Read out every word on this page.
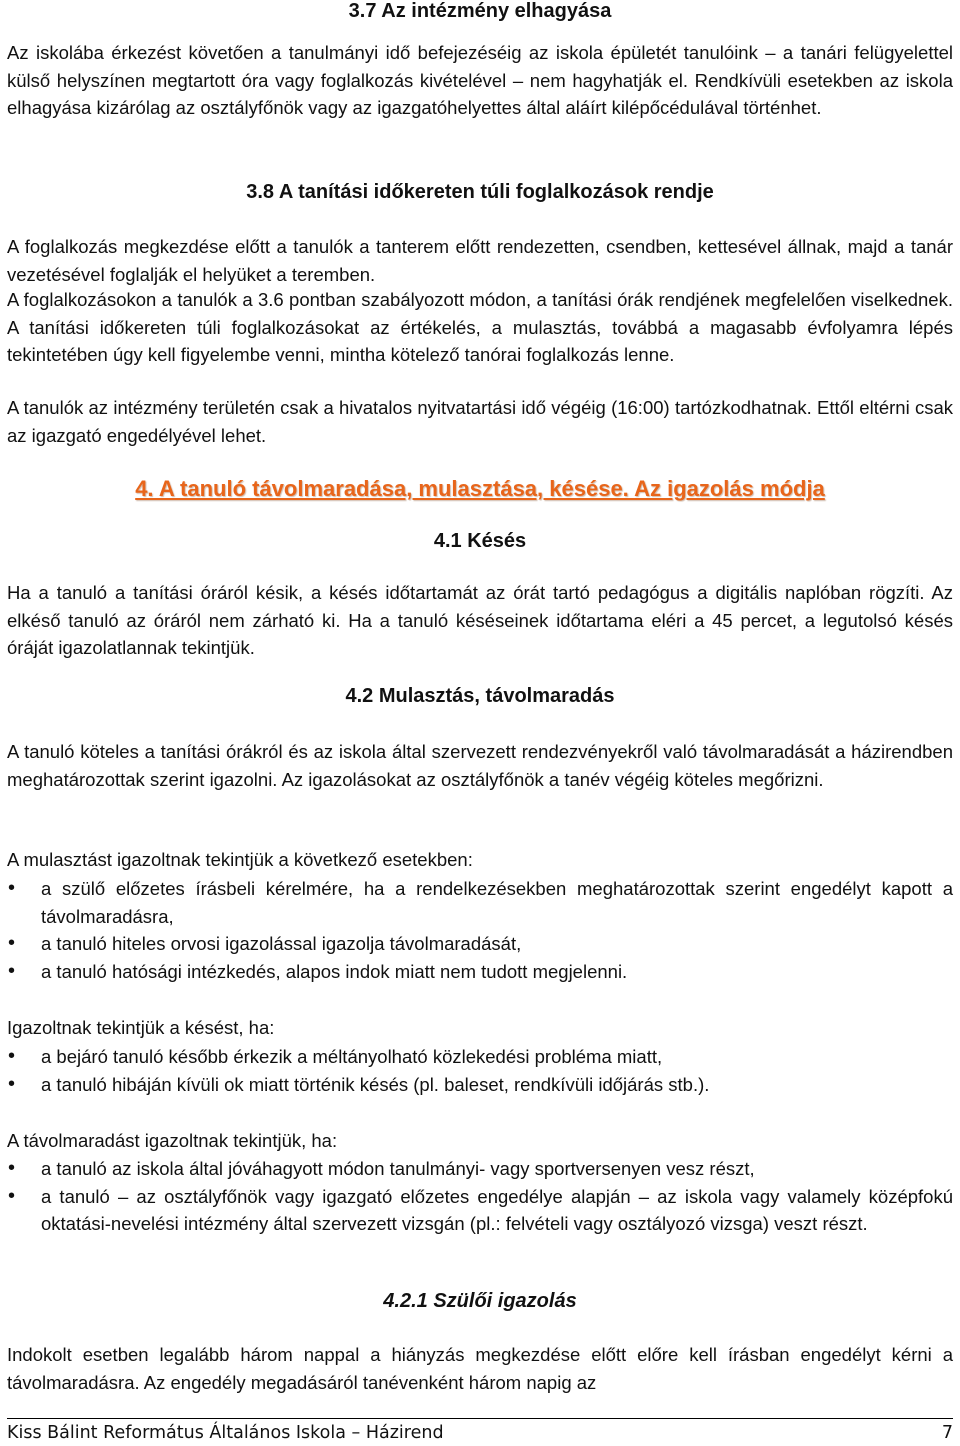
3.7 Az intézmény elhagyása

Az iskolába érkezést követően a tanulmányi idő befejezéséig az iskola épületét tanulóink – a tanári felügyelettel külső helyszínen megtartott óra vagy foglalkozás kivételével – nem hagyhatják el. Rendkívüli esetekben az iskola elhagyása kizárólag az osztályfőnök vagy az igazgatóhelyettes által aláírt kilépőcédulával történhet.

3.8 A tanítási időkereten túli foglalkozások rendje

A foglalkozás megkezdése előtt a tanulók a tanterem előtt rendezetten, csendben, kettesével állnak, majd a tanár vezetésével foglalják el helyüket a teremben.

A foglalkozásokon a tanulók a 3.6 pontban szabályozott módon, a tanítási órák rendjének megfelelően viselkednek. A tanítási időkereten túli foglalkozásokat az értékelés, a mulasztás, továbbá a magasabb évfolyamra lépés tekintetében úgy kell figyelembe venni, mintha kötelező tanórai foglalkozás lenne.

A tanulók az intézmény területén csak a hivatalos nyitvatartási idő végéig (16:00) tartózkodhatnak. Ettől eltérni csak az igazgató engedélyével lehet.

4. A tanuló távolmaradása, mulasztása, késése. Az igazolás módja
4.1 Késés

Ha a tanuló a tanítási óráról késik, a késés időtartamát az órát tartó pedagógus a digitális naplóban rögzíti. Az elkéső tanuló az óráról nem zárható ki. Ha a tanuló késéseinek időtartama eléri a 45 percet, a legutolsó késés óráját igazolatlannak tekintjük.

4.2 Mulasztás, távolmaradás

A tanuló köteles a tanítási órákról és az iskola által szervezett rendezvényekről való távolmaradását a házirendben meghatározottak szerint igazolni. Az igazolásokat az osztályfőnök a tanév végéig köteles megőrizni.

A mulasztást igazoltnak tekintjük a következő esetekben:

• a szülő előzetes írásbeli kérelmére, ha a rendelkezésekben meghatározottak szerint engedélyt kapott a távolmaradásra,
• a tanuló hiteles orvosi igazolással igazolja távolmaradását,
• a tanuló hatósági intézkedés, alapos indok miatt nem tudott megjelenni.

Igazoltnak tekintjük a késést, ha:

• a bejáró tanuló később érkezik a méltányolható közlekedési probléma miatt,
• a tanuló hibáján kívüli ok miatt történik késés (pl. baleset, rendkívüli időjárás stb.).

A távolmaradást igazoltnak tekintjük, ha:

• a tanuló az iskola által jóváhagyott módon tanulmányi- vagy sportversenyen vesz részt,
• a tanuló – az osztályfőnök vagy igazgató előzetes engedélye alapján – az iskola vagy valamely középfokú oktatási-nevelési intézmény által szervezett vizsgán (pl.: felvételi vagy osztályozó vizsga) veszt részt.
4.2.1 Szülői igazolás

Indokolt esetben legalább három nappal a hiányzás megkezdése előtt előre kell írásban engedélyt kérni a távolmaradásra. Az engedély megadásáról tanévenként három napig az

Kiss Bálint Református Általános Iskola – Házirend	7
